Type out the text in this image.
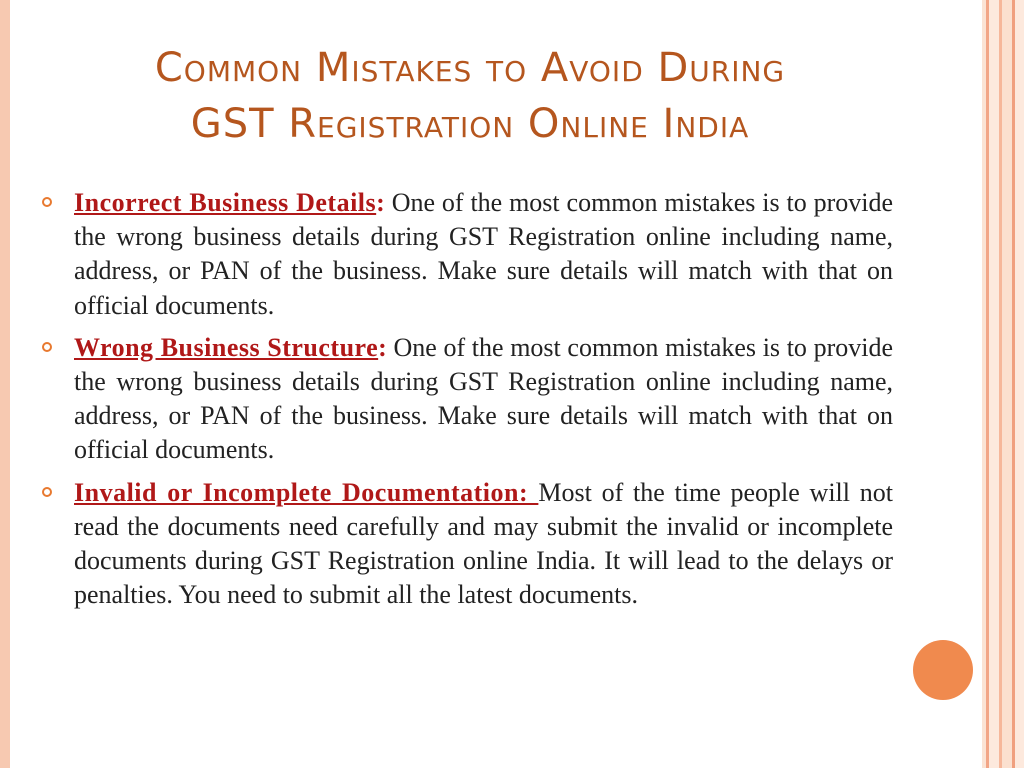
Common Mistakes to Avoid During
GST Registration Online India
Incorrect Business Details: One of the most common mistakes is to provide the wrong business details during GST Registration online including name, address, or PAN of the business. Make sure details will match with that on official documents.
Wrong Business Structure: One of the most common mistakes is to provide the wrong business details during GST Registration online including name, address, or PAN of the business. Make sure details will match with that on official documents.
Invalid or Incomplete Documentation: Most of the time people will not read the documents need carefully and may submit the invalid or incomplete documents during GST Registration online India. It will lead to the delays or penalties. You need to submit all the latest documents.
